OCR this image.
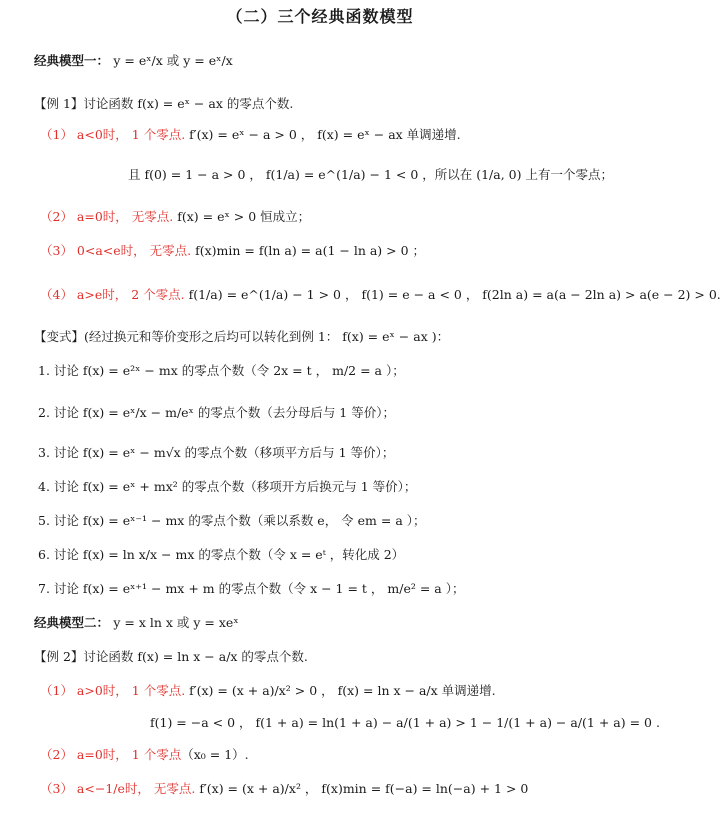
（二）三个经典函数模型
经典模型一： y = eˣ/x 或 y = eˣ/x
【例 1】讨论函数 f(x) = eˣ − ax 的零点个数.
（1） a<0时， 1 个零点. f′(x) = eˣ − a > 0 ， f(x) = eˣ − ax 单调递增.
且 f(0) = 1 − a > 0 ， f(1/a) = e^(1/a) − 1 < 0 ，所以在 (1/a, 0) 上有一个零点；
（2） a=0时， 无零点. f(x) = eˣ > 0 恒成立；
（3） 0<a<e时， 无零点. f(x)min = f(ln a) = a(1 − ln a) > 0 ；
（4） a>e时， 2 个零点. f(1/a) = e^(1/a) − 1 > 0 ， f(1) = e − a < 0 ， f(2ln a) = a(a − 2ln a) > a(e − 2) > 0.
【变式】(经过换元和等价变形之后均可以转化到例 1： f(x) = eˣ − ax )：
1. 讨论 f(x) = e²ˣ − mx 的零点个数（令 2x = t ， m/2 = a ）；
2. 讨论 f(x) = eˣ/x − m/eˣ 的零点个数（去分母后与 1 等价）；
3. 讨论 f(x) = eˣ − m√x 的零点个数（移项平方后与 1 等价）；
4. 讨论 f(x) = eˣ + mx² 的零点个数（移项开方后换元与 1 等价）；
5. 讨论 f(x) = eˣ⁻¹ − mx 的零点个数（乘以系数 e， 令 em = a ）；
6. 讨论 f(x) = ln x/x − mx 的零点个数（令 x = eᵗ ，转化成 2）
7. 讨论 f(x) = eˣ⁺¹ − mx + m 的零点个数（令 x − 1 = t ， m/e² = a ）；
经典模型二： y = x ln x 或 y = xeˣ
【例 2】讨论函数 f(x) = ln x − a/x 的零点个数.
（1） a>0时， 1 个零点. f′(x) = (x + a)/x² > 0 ， f(x) = ln x − a/x 单调递增.
f(1) = −a < 0 ， f(1 + a) = ln(1 + a) − a/(1 + a) > 1 − 1/(1 + a) − a/(1 + a) = 0 .
（2） a=0时， 1 个零点（x₀ = 1）.
（3） a<−1/e时， 无零点. f′(x) = (x + a)/x² ， f(x)min = f(−a) = ln(−a) + 1 > 0
